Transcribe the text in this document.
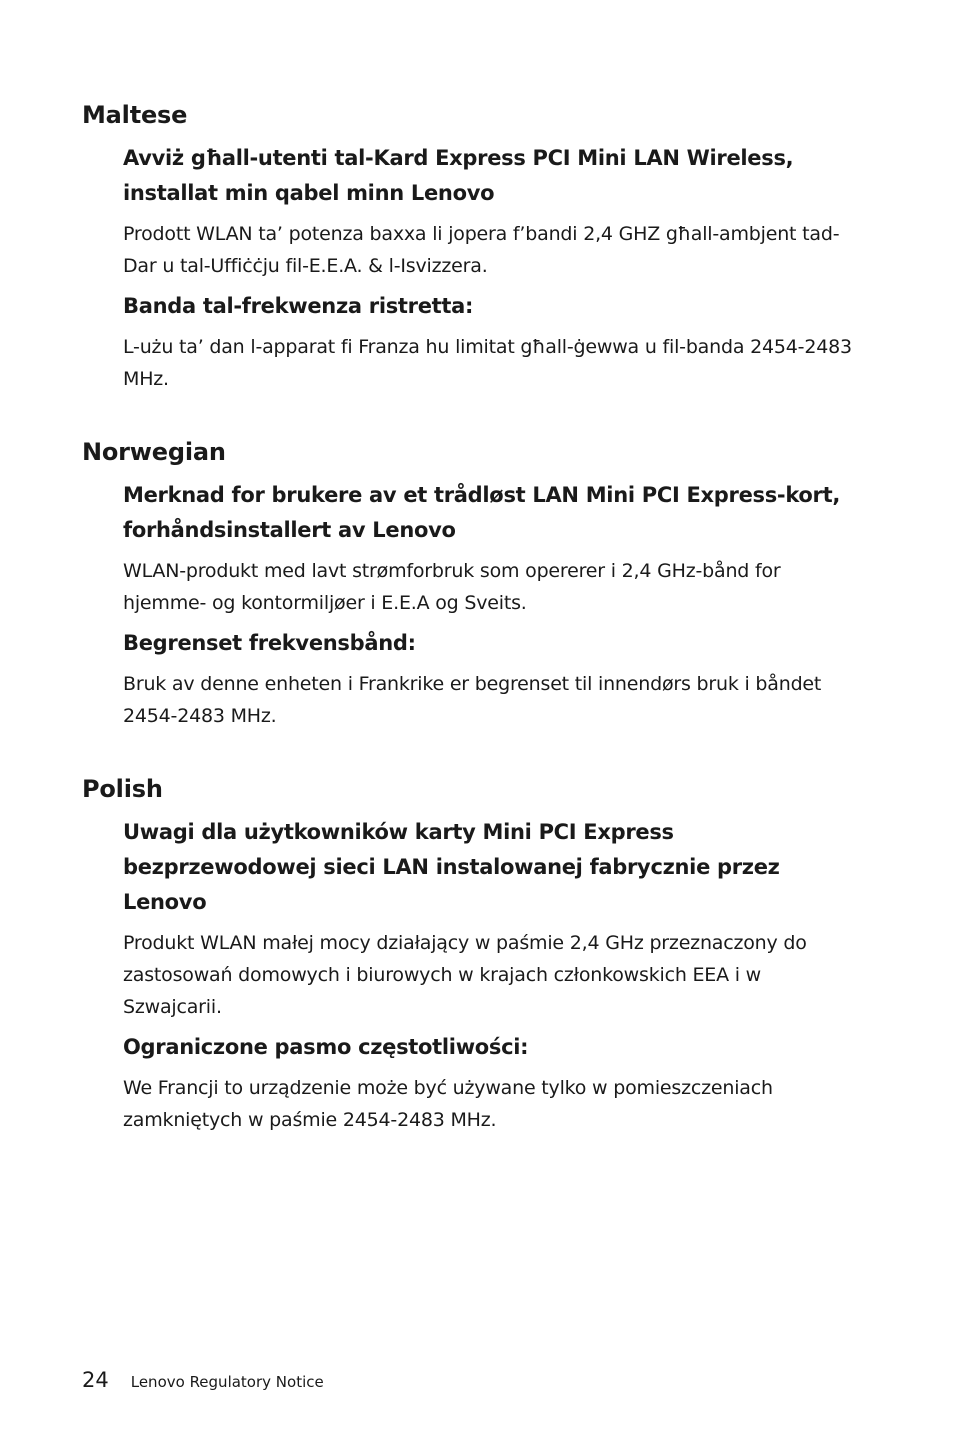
Maltese
Avviż għall-utenti tal-Kard Express PCI Mini LAN Wireless, installat min qabel minn Lenovo

Prodott WLAN ta’ potenza baxxa li jopera f’bandi 2,4 GHZ għall-ambjent tad-Dar u tal-Uffiċċju fil-E.E.A. & l-Isvizzera.

Banda tal-frekwenza ristretta:

L-użu ta’ dan l-apparat fi Franza hu limitat għall-ġewwa u fil-banda 2454-2483 MHz.

Norwegian
Merknad for brukere av et trådløst LAN Mini PCI Express-kort, forhåndsinstallert av Lenovo

WLAN-produkt med lavt strømforbruk som opererer i 2,4 GHz-bånd for hjemme- og kontormiljøer i E.E.A og Sveits.

Begrenset frekvensbånd:

Bruk av denne enheten i Frankrike er begrenset til innendørs bruk i båndet 2454-2483 MHz.

Polish
Uwagi dla użytkowników karty Mini PCI Express bezprzewodowej sieci LAN instalowanej fabrycznie przez Lenovo

Produkt WLAN małej mocy działający w paśmie 2,4 GHz przeznaczony do zastosowań domowych i biurowych w krajach członkowskich EEA i w Szwajcarii.

Ograniczone pasmo częstotliwości:

We Francji to urządzenie może być używane tylko w pomieszczeniach zamkniętych w paśmie 2454-2483 MHz.

24 Lenovo Regulatory Notice
